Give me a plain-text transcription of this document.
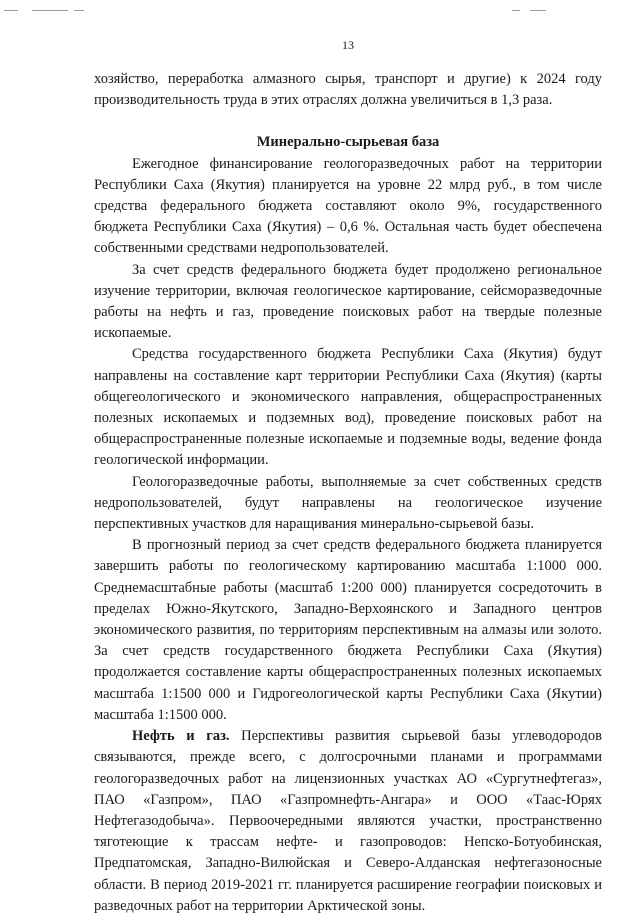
13

хозяйство, переработка алмазного сырья, транспорт и другие) к 2024 году производительность труда в этих отраслях должна увеличиться в 1,3 раза.

Минерально-сырьевая база

Ежегодное финансирование геологоразведочных работ на территории Республики Саха (Якутия) планируется на уровне 22 млрд руб., в том числе средства федерального бюджета составляют около 9%, государственного бюджета Республики Саха (Якутия) – 0,6 %. Остальная часть будет обеспечена собственными средствами недропользователей.

За счет средств федерального бюджета будет продолжено региональное изучение территории, включая геологическое картирование, сейсморазведочные работы на нефть и газ, проведение поисковых работ на твердые полезные ископаемые.

Средства государственного бюджета Республики Саха (Якутия) будут направлены на составление карт территории Республики Саха (Якутия) (карты общегеологического и экономического направления, общераспространенных полезных ископаемых и подземных вод), проведение поисковых работ на общераспространенные полезные ископаемые и подземные воды, ведение фонда геологической информации.

Геологоразведочные работы, выполняемые за счет собственных средств недропользователей, будут направлены на геологическое изучение перспективных участков для наращивания минерально-сырьевой базы.

В прогнозный период за счет средств федерального бюджета планируется завершить работы по геологическому картированию масштаба 1:1000 000. Среднемасштабные работы (масштаб 1:200 000) планируется сосредоточить в пределах Южно-Якутского, Западно-Верхоянского и Западного центров экономического развития, по территориям перспективным на алмазы или золото. За счет средств государственного бюджета Республики Саха (Якутия) продолжается составление карты общераспространенных полезных ископаемых масштаба 1:1500 000 и Гидрогеологической карты Республики Саха (Якутии) масштаба 1:1500 000.

Нефть и газ. Перспективы развития сырьевой базы углеводородов связываются, прежде всего, с долгосрочными планами и программами геологоразведочных работ на лицензионных участках АО «Сургутнефтегаз», ПАО «Газпром», ПАО «Газпромнефть-Ангара» и ООО «Таас-Юрях Нефтегазодобыча». Первоочередными являются участки, пространственно тяготеющие к трассам нефте- и газопроводов: Непско-Ботуобинская, Предпатомская, Западно-Вилюйская и Северо-Алданская нефтегазоносные области. В период 2019-2021 гг. планируется расширение географии поисковых и разведочных работ на территории Арктической зоны.
